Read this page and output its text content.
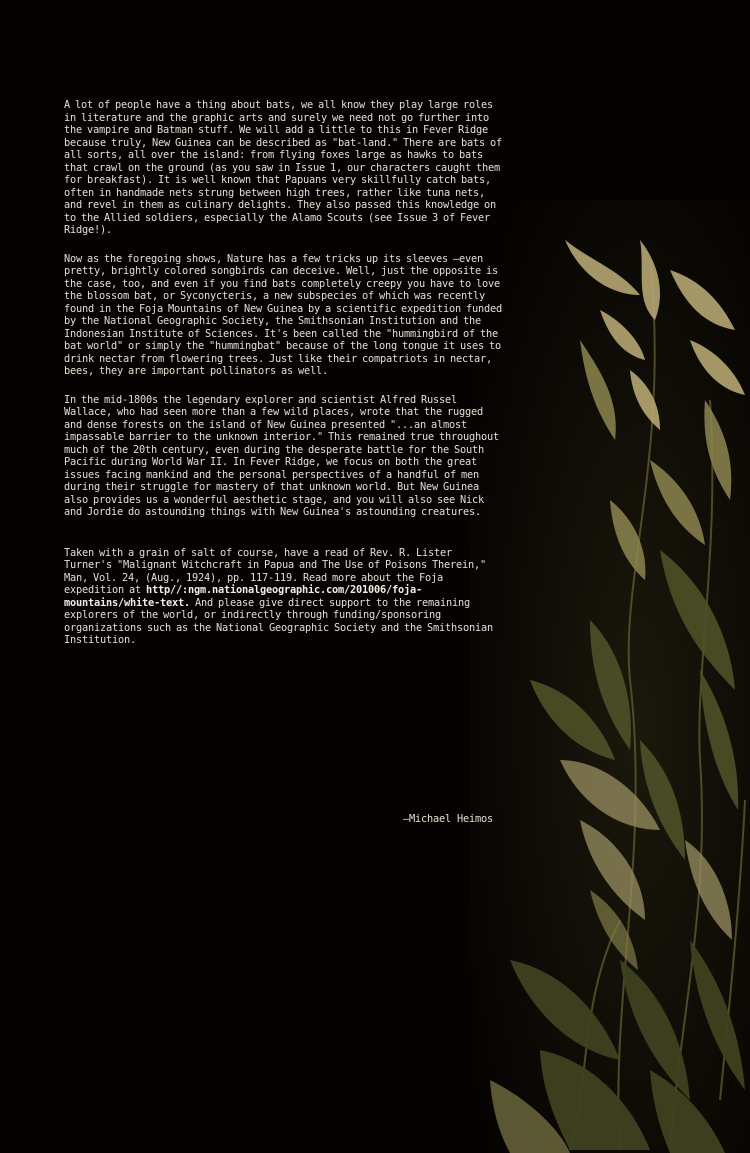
A lot of people have a thing about bats, we all know they play large roles in literature and the graphic arts and surely we need not go further into the vampire and Batman stuff. We will add a little to this in Fever Ridge because truly, New Guinea can be described as "bat-land." There are bats of all sorts, all over the island: from flying foxes large as hawks to bats that crawl on the ground (as you saw in Issue 1, our characters caught them for breakfast). It is well known that Papuans very skillfully catch bats, often in handmade nets strung between high trees, rather like tuna nets, and revel in them as culinary delights. They also passed this knowledge on to the Allied soldiers, especially the Alamo Scouts (see Issue 3 of Fever Ridge!).

Now as the foregoing shows, Nature has a few tricks up its sleeves —even pretty, brightly colored songbirds can deceive. Well, just the opposite is the case, too, and even if you find bats completely creepy you have to love the blossom bat, or Syconycteris, a new subspecies of which was recently found in the Foja Mountains of New Guinea by a scientific expedition funded by the National Geographic Society, the Smithsonian Institution and the Indonesian Institute of Sciences. It's been called the "hummingbird of the bat world" or simply the "hummingbat" because of the long tongue it uses to drink nectar from flowering trees. Just like their compatriots in nectar, bees, they are important pollinators as well.

In the mid-1800s the legendary explorer and scientist Alfred Russel Wallace, who had seen more than a few wild places, wrote that the rugged and dense forests on the island of New Guinea presented "...an almost impassable barrier to the unknown interior." This remained true throughout much of the 20th century, even during the desperate battle for the South Pacific during World War II. In Fever Ridge, we focus on both the great issues facing mankind and the personal perspectives of a handful of men during their struggle for mastery of that unknown world. But New Guinea also provides us a wonderful aesthetic stage, and you will also see Nick and Jordie do astounding things with New Guinea's astounding creatures.

Taken with a grain of salt of course, have a read of Rev. R. Lister Turner's "Malignant Witchcraft in Papua and The Use of Poisons Therein," Man, Vol. 24, (Aug., 1924), pp. 117-119. Read more about the Foja expedition at http//:ngm.nationalgeographic.com/201006/foja-mountains/white-text. And please give direct support to the remaining explorers of the world, or indirectly through funding/sponsoring organizations such as the National Geographic Society and the Smithsonian Institution.

—Michael Heimos
